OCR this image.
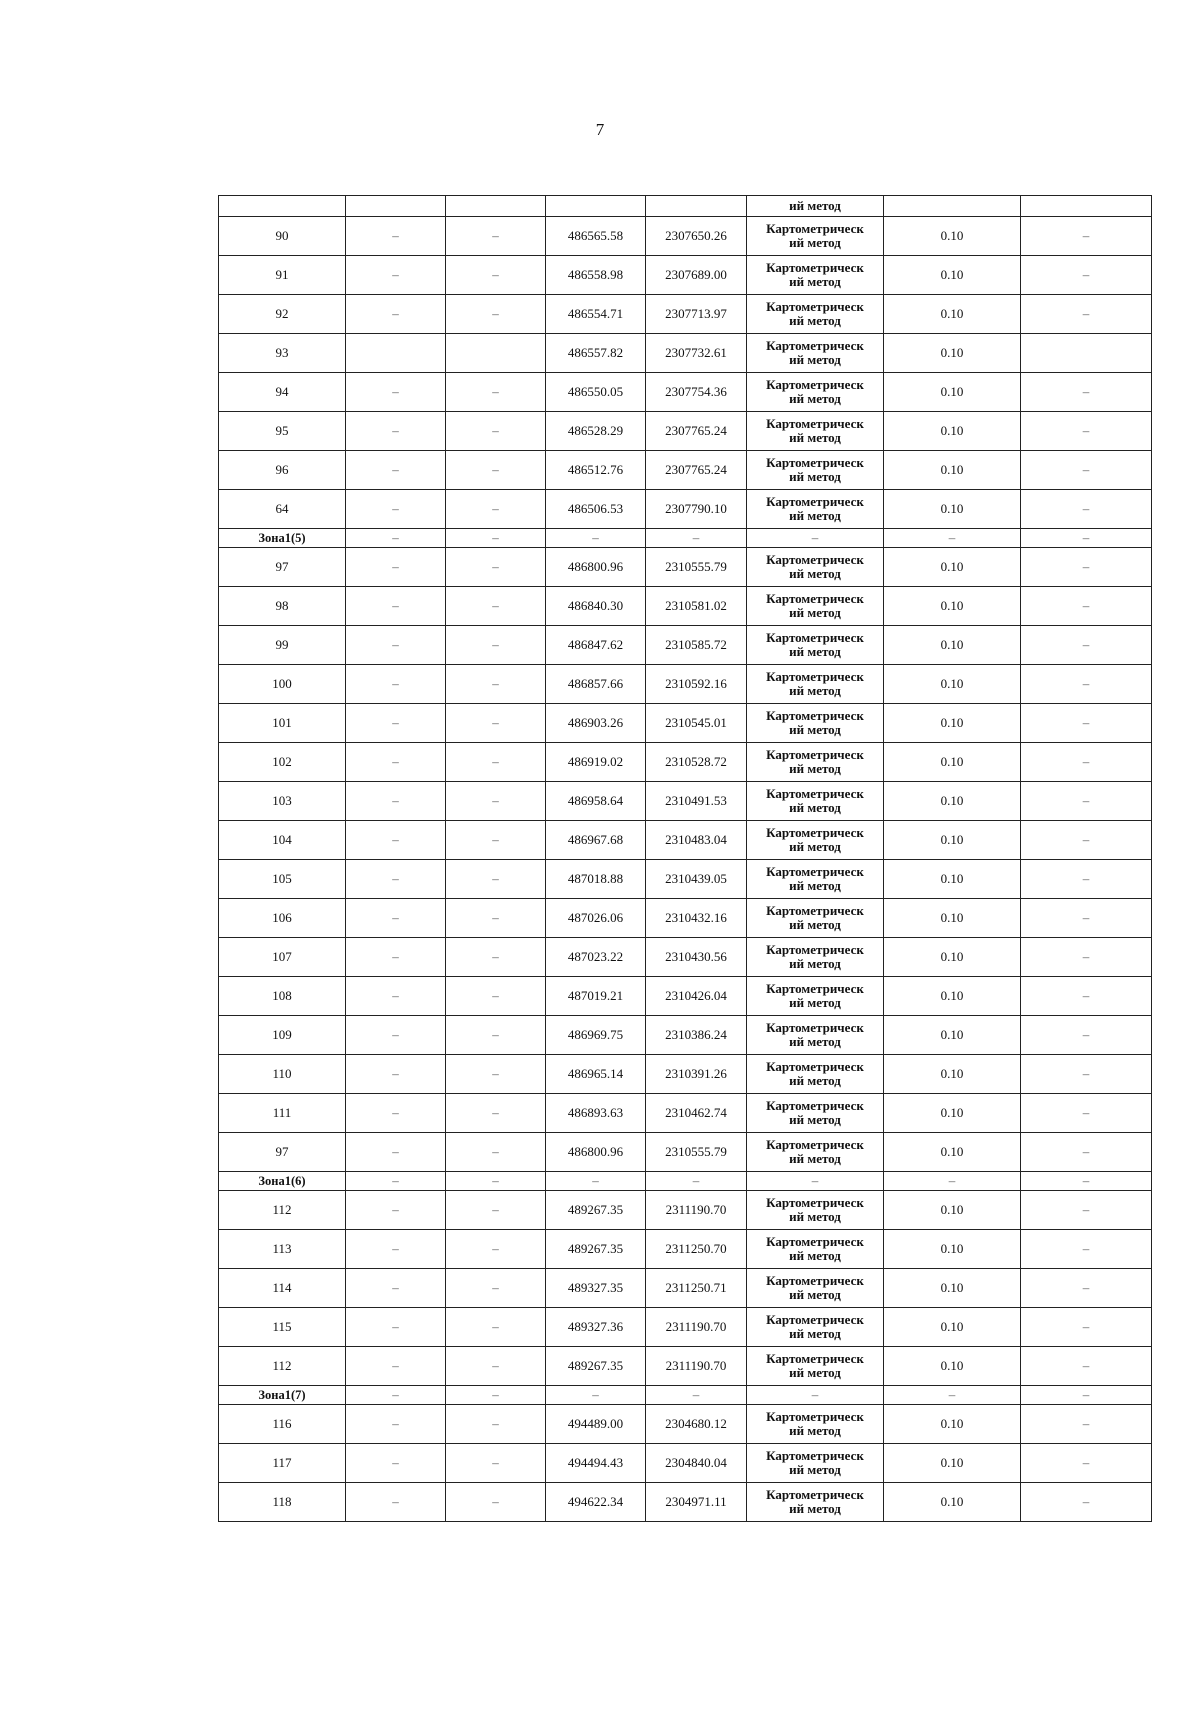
7
					ий метод		
90	–	–	486565.58	2307650.26	Картометрическ
ий метод	0.10	–
91	–	–	486558.98	2307689.00	Картометрическ
ий метод	0.10	–
92	–	–	486554.71	2307713.97	Картометрическ
ий метод	0.10	–
93			486557.82	2307732.61	Картометрическ
ий метод	0.10	
94	–	–	486550.05	2307754.36	Картометрическ
ий метод	0.10	–
95	–	–	486528.29	2307765.24	Картометрическ
ий метод	0.10	–
96	–	–	486512.76	2307765.24	Картометрическ
ий метод	0.10	–
64	–	–	486506.53	2307790.10	Картометрическ
ий метод	0.10	–
Зона1(5)	–	–	–	–	–	–	–
97	–	–	486800.96	2310555.79	Картометрическ
ий метод	0.10	–
98	–	–	486840.30	2310581.02	Картометрическ
ий метод	0.10	–
99	–	–	486847.62	2310585.72	Картометрическ
ий метод	0.10	–
100	–	–	486857.66	2310592.16	Картометрическ
ий метод	0.10	–
101	–	–	486903.26	2310545.01	Картометрическ
ий метод	0.10	–
102	–	–	486919.02	2310528.72	Картометрическ
ий метод	0.10	–
103	–	–	486958.64	2310491.53	Картометрическ
ий метод	0.10	–
104	–	–	486967.68	2310483.04	Картометрическ
ий метод	0.10	–
105	–	–	487018.88	2310439.05	Картометрическ
ий метод	0.10	–
106	–	–	487026.06	2310432.16	Картометрическ
ий метод	0.10	–
107	–	–	487023.22	2310430.56	Картометрическ
ий метод	0.10	–
108	–	–	487019.21	2310426.04	Картометрическ
ий метод	0.10	–
109	–	–	486969.75	2310386.24	Картометрическ
ий метод	0.10	–
110	–	–	486965.14	2310391.26	Картометрическ
ий метод	0.10	–
111	–	–	486893.63	2310462.74	Картометрическ
ий метод	0.10	–
97	–	–	486800.96	2310555.79	Картометрическ
ий метод	0.10	–
Зона1(6)	–	–	–	–	–	–	–
112	–	–	489267.35	2311190.70	Картометрическ
ий метод	0.10	–
113	–	–	489267.35	2311250.70	Картометрическ
ий метод	0.10	–
114	–	–	489327.35	2311250.71	Картометрическ
ий метод	0.10	–
115	–	–	489327.36	2311190.70	Картометрическ
ий метод	0.10	–
112	–	–	489267.35	2311190.70	Картометрическ
ий метод	0.10	–
Зона1(7)	–	–	–	–	–	–	–
116	–	–	494489.00	2304680.12	Картометрическ
ий метод	0.10	–
117	–	–	494494.43	2304840.04	Картометрическ
ий метод	0.10	–
118	–	–	494622.34	2304971.11	Картометрическ
ий метод	0.10	–
